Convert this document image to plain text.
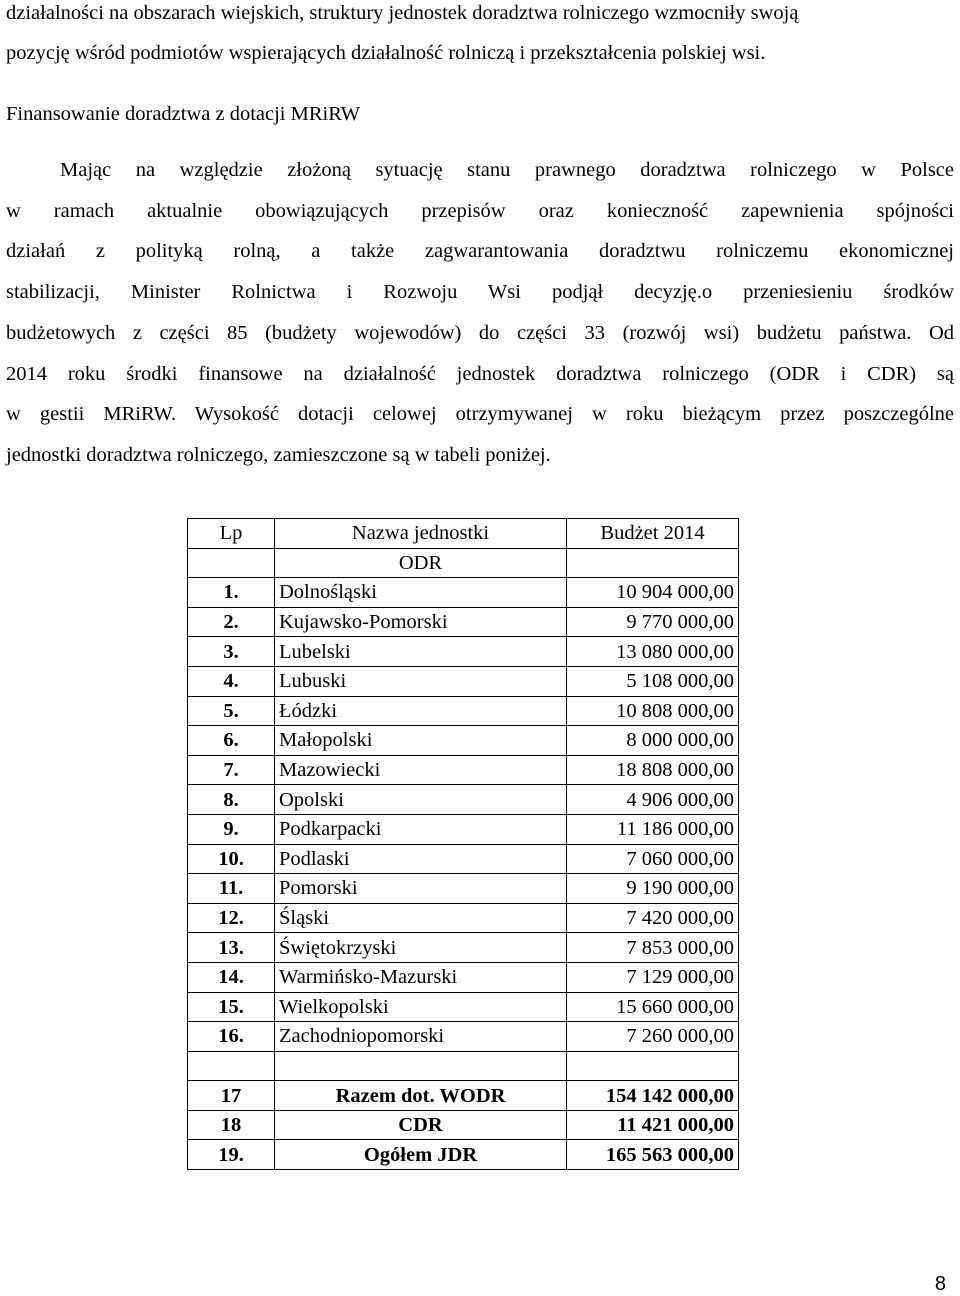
działalności na obszarach wiejskich, struktury jednostek doradztwa rolniczego wzmocniły swoją
pozycję wśród podmiotów wspierających działalność rolniczą i przekształcenia polskiej wsi.

Finansowanie doradztwa z dotacji MRiRW

Mając na względzie złożoną sytuację stanu prawnego doradztwa rolniczego w Polsce
w ramach aktualnie obowiązujących przepisów oraz konieczność zapewnienia spójności
działań z polityką rolną, a także zagwarantowania doradztwu rolniczemu ekonomicznej
stabilizacji, Minister Rolnictwa i Rozwoju Wsi podjął decyzję.o przeniesieniu środków
budżetowych z części 85 (budżety wojewodów) do części 33 (rozwój wsi) budżetu państwa. Od
2014 roku środki finansowe na działalność jednostek doradztwa rolniczego (ODR i CDR) są
w gestii MRiRW. Wysokość dotacji celowej otrzymywanej w roku bieżącym przez poszczególne
jednostki doradztwa rolniczego, zamieszczone są w tabeli poniżej.

Lp	Nazwa jednostki	Budżet 2014
	ODR	
1.	Dolnośląski	10 904 000,00
2.	Kujawsko-Pomorski	9 770 000,00
3.	Lubelski	13 080 000,00
4.	Lubuski	5 108 000,00
5.	Łódzki	10 808 000,00
6.	Małopolski	8 000 000,00
7.	Mazowiecki	18 808 000,00
8.	Opolski	4 906 000,00
9.	Podkarpacki	11 186 000,00
10.	Podlaski	7 060 000,00
11.	Pomorski	9 190 000,00
12.	Śląski	7 420 000,00
13.	Świętokrzyski	7 853 000,00
14.	Warmińsko-Mazurski	7 129 000,00
15.	Wielkopolski	15 660 000,00
16.	Zachodniopomorski	7 260 000,00

17	Razem dot. WODR	154 142 000,00
18	CDR	11 421 000,00
19.	Ogółem JDR	165 563 000,00
8
